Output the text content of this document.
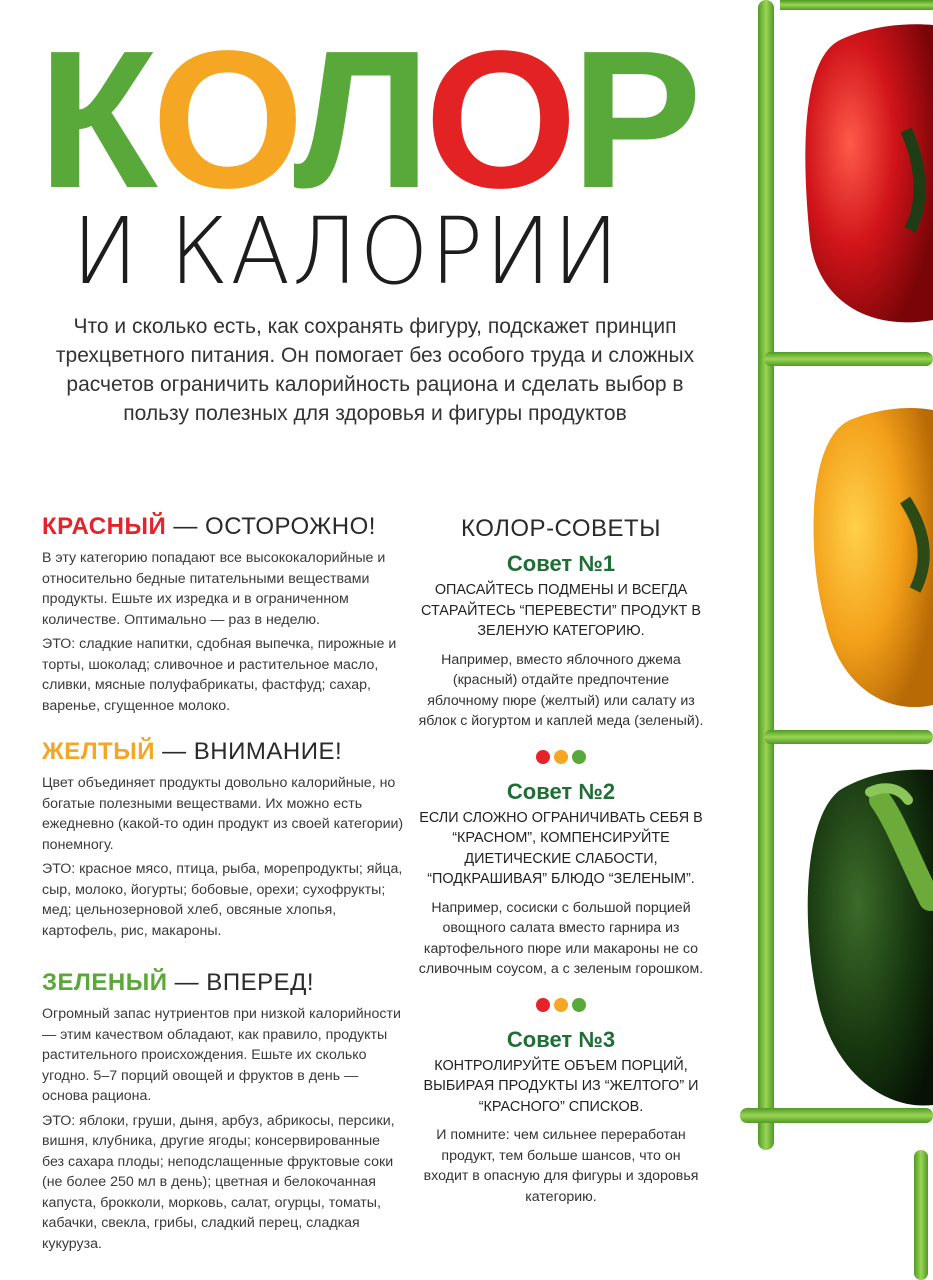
КОЛОР
И КАЛОРИИ

Что и сколько есть, как сохранять фигуру, подскажет принцип трехцветного питания. Он помогает без особого труда и сложных расчетов ограничить калорийность рациона и сделать выбор в пользу полезных для здоровья и фигуры продуктов

КРАСНЫЙ — ОСТОРОЖНО!

В эту категорию попадают все высококалорийные и относительно бедные питательными веществами продукты. Ешьте их изредка и в ограниченном количестве. Оптимально — раз в неделю.

ЭТО: сладкие напитки, сдобная выпечка, пирожные и торты, шоколад; сливочное и растительное масло, сливки, мясные полуфабрикаты, фастфуд; сахар, варенье, сгущенное молоко.

ЖЕЛТЫЙ — ВНИМАНИЕ!

Цвет объединяет продукты довольно калорийные, но богатые полезными веществами. Их можно есть ежедневно (какой-то один продукт из своей категории) понемногу.

ЭТО: красное мясо, птица, рыба, морепродукты; яйца, сыр, молоко, йогурты; бобовые, орехи; сухофрукты; мед; цельнозерновой хлеб, овсяные хлопья, картофель, рис, макароны.

ЗЕЛЕНЫЙ — ВПЕРЕД!

Огромный запас нутриентов при низкой калорийности — этим качеством обладают, как правило, продукты растительного происхождения. Ешьте их сколько угодно. 5–7 порций овощей и фруктов в день — основа рациона.

ЭТО: яблоки, груши, дыня, арбуз, абрикосы, персики, вишня, клубника, другие ягоды; консервированные без сахара плоды; неподслащенные фруктовые соки (не более 250 мл в день); цветная и белокочанная капуста, брокколи, морковь, салат, огурцы, томаты, кабачки, свекла, грибы, сладкий перец, сладкая кукуруза.

КОЛОР-СОВЕТЫ
Совет №1

ОПАСАЙТЕСЬ ПОДМЕНЫ И ВСЕГДА СТАРАЙТЕСЬ “ПЕРЕВЕСТИ” ПРОДУКТ В ЗЕЛЕНУЮ КАТЕГОРИЮ.

Например, вместо яблочного джема (красный) отдайте предпочтение яблочному пюре (желтый) или салату из яблок с йогуртом и каплей меда (зеленый).

Совет №2

ЕСЛИ СЛОЖНО ОГРАНИЧИВАТЬ СЕБЯ В “КРАСНОМ”, КОМПЕНСИРУЙТЕ ДИЕТИЧЕСКИЕ СЛАБОСТИ, “ПОДКРАШИВАЯ” БЛЮДО “ЗЕЛЕНЫМ”.

Например, сосиски с большой порцией овощного салата вместо гарнира из картофельного пюре или макароны не со сливочным соусом, а с зеленым горошком.

Совет №3

КОНТРОЛИРУЙТЕ ОБЪЕМ ПОРЦИЙ, ВЫБИРАЯ ПРОДУКТЫ ИЗ “ЖЕЛТОГО” И “КРАСНОГО” СПИСКОВ.

И помните: чем сильнее переработан продукт, тем больше шансов, что он входит в опасную для фигуры и здоровья категорию.
